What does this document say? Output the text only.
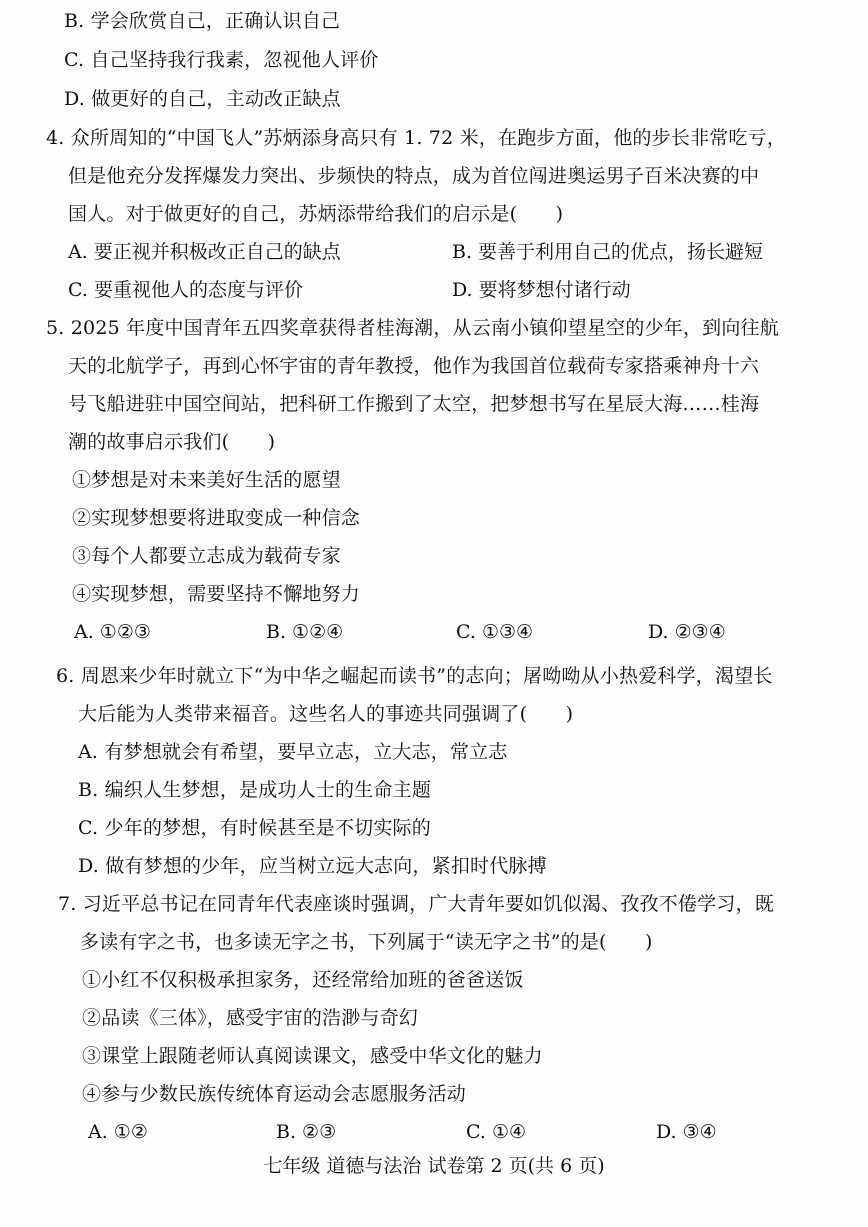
B. 学会欣赏自己，正确认识自己
C. 自己坚持我行我素，忽视他人评价
D. 做更好的自己，主动改正缺点
4. 众所周知的“中国飞人”苏炳添身高只有 1. 72 米，在跑步方面，他的步长非常吃亏，
但是他充分发挥爆发力突出、步频快的特点，成为首位闯进奥运男子百米决赛的中
国人。对于做更好的自己，苏炳添带给我们的启示是(　　)
A. 要正视并积极改正自己的缺点	B. 要善于利用自己的优点，扬长避短
C. 要重视他人的态度与评价	D. 要将梦想付诸行动
5. 2025 年度中国青年五四奖章获得者桂海潮，从云南小镇仰望星空的少年，到向往航
天的北航学子，再到心怀宇宙的青年教授，他作为我国首位载荷专家搭乘神舟十六
号飞船进驻中国空间站，把科研工作搬到了太空，把梦想书写在星辰大海……桂海
潮的故事启示我们(　　)
①梦想是对未来美好生活的愿望
②实现梦想要将进取变成一种信念
③每个人都要立志成为载荷专家
④实现梦想，需要坚持不懈地努力
A. ①②③	B. ①②④	C. ①③④	D. ②③④
6. 周恩来少年时就立下“为中华之崛起而读书”的志向；屠呦呦从小热爱科学，渴望长
大后能为人类带来福音。这些名人的事迹共同强调了(　　)
A. 有梦想就会有希望，要早立志，立大志，常立志
B. 编织人生梦想，是成功人士的生命主题
C. 少年的梦想，有时候甚至是不切实际的
D. 做有梦想的少年，应当树立远大志向，紧扣时代脉搏
7. 习近平总书记在同青年代表座谈时强调，广大青年要如饥似渴、孜孜不倦学习，既
多读有字之书，也多读无字之书，下列属于“读无字之书”的是(　　)
①小红不仅积极承担家务，还经常给加班的爸爸送饭
②品读《三体》，感受宇宙的浩渺与奇幻
③课堂上跟随老师认真阅读课文，感受中华文化的魅力
④参与少数民族传统体育运动会志愿服务活动
A. ①②	B. ②③	C. ①④	D. ③④
七年级 道德与法治 试卷第 2 页(共 6 页)
